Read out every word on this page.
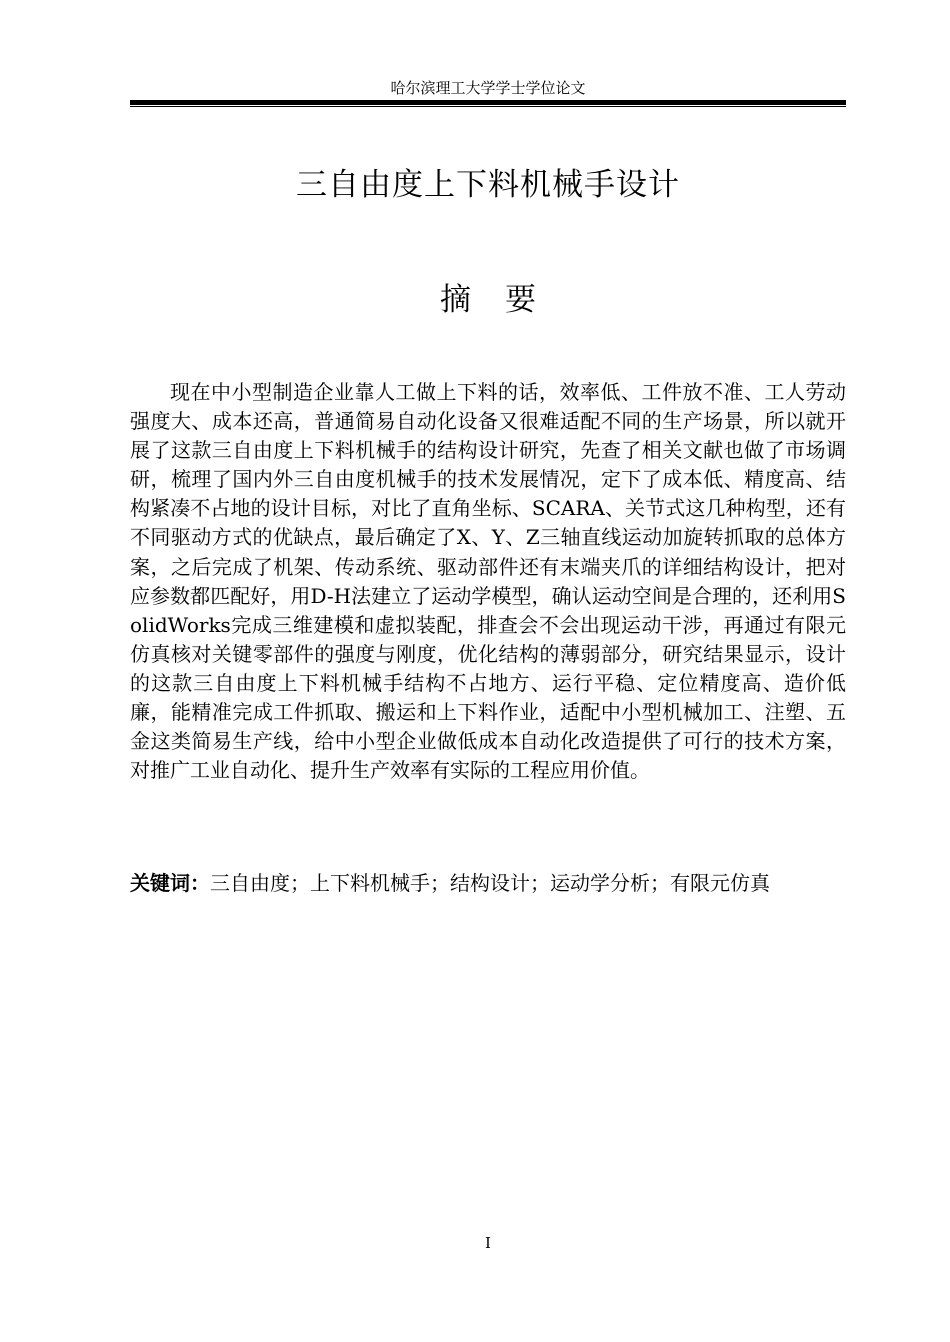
哈尔滨理工大学学士学位论文
三自由度上下料机械手设计
摘要

现在中小型制造企业靠人工做上下料的话，效率低、工件放不准、工人劳动强度大、成本还高，普通简易自动化设备又很难适配不同的生产场景，所以就开展了这款三自由度上下料机械手的结构设计研究，先查了相关文献也做了市场调研，梳理了国内外三自由度机械手的技术发展情况，定下了成本低、精度高、结构紧凑不占地的设计目标，对比了直角坐标、SCARA、关节式这几种构型，还有不同驱动方式的优缺点，最后确定了X、Y、Z三轴直线运动加旋转抓取的总体方案，之后完成了机架、传动系统、驱动部件还有末端夹爪的详细结构设计，把对应参数都匹配好，用D-H法建立了运动学模型，确认运动空间是合理的，还利用SolidWorks完成三维建模和虚拟装配，排查会不会出现运动干涉，再通过有限元仿真核对关键零部件的强度与刚度，优化结构的薄弱部分，研究结果显示，设计的这款三自由度上下料机械手结构不占地方、运行平稳、定位精度高、造价低廉，能精准完成工件抓取、搬运和上下料作业，适配中小型机械加工、注塑、五金这类简易生产线，给中小型企业做低成本自动化改造提供了可行的技术方案，对推广工业自动化、提升生产效率有实际的工程应用价值。

关键词：三自由度；上下料机械手；结构设计；运动学分析；有限元仿真
I
